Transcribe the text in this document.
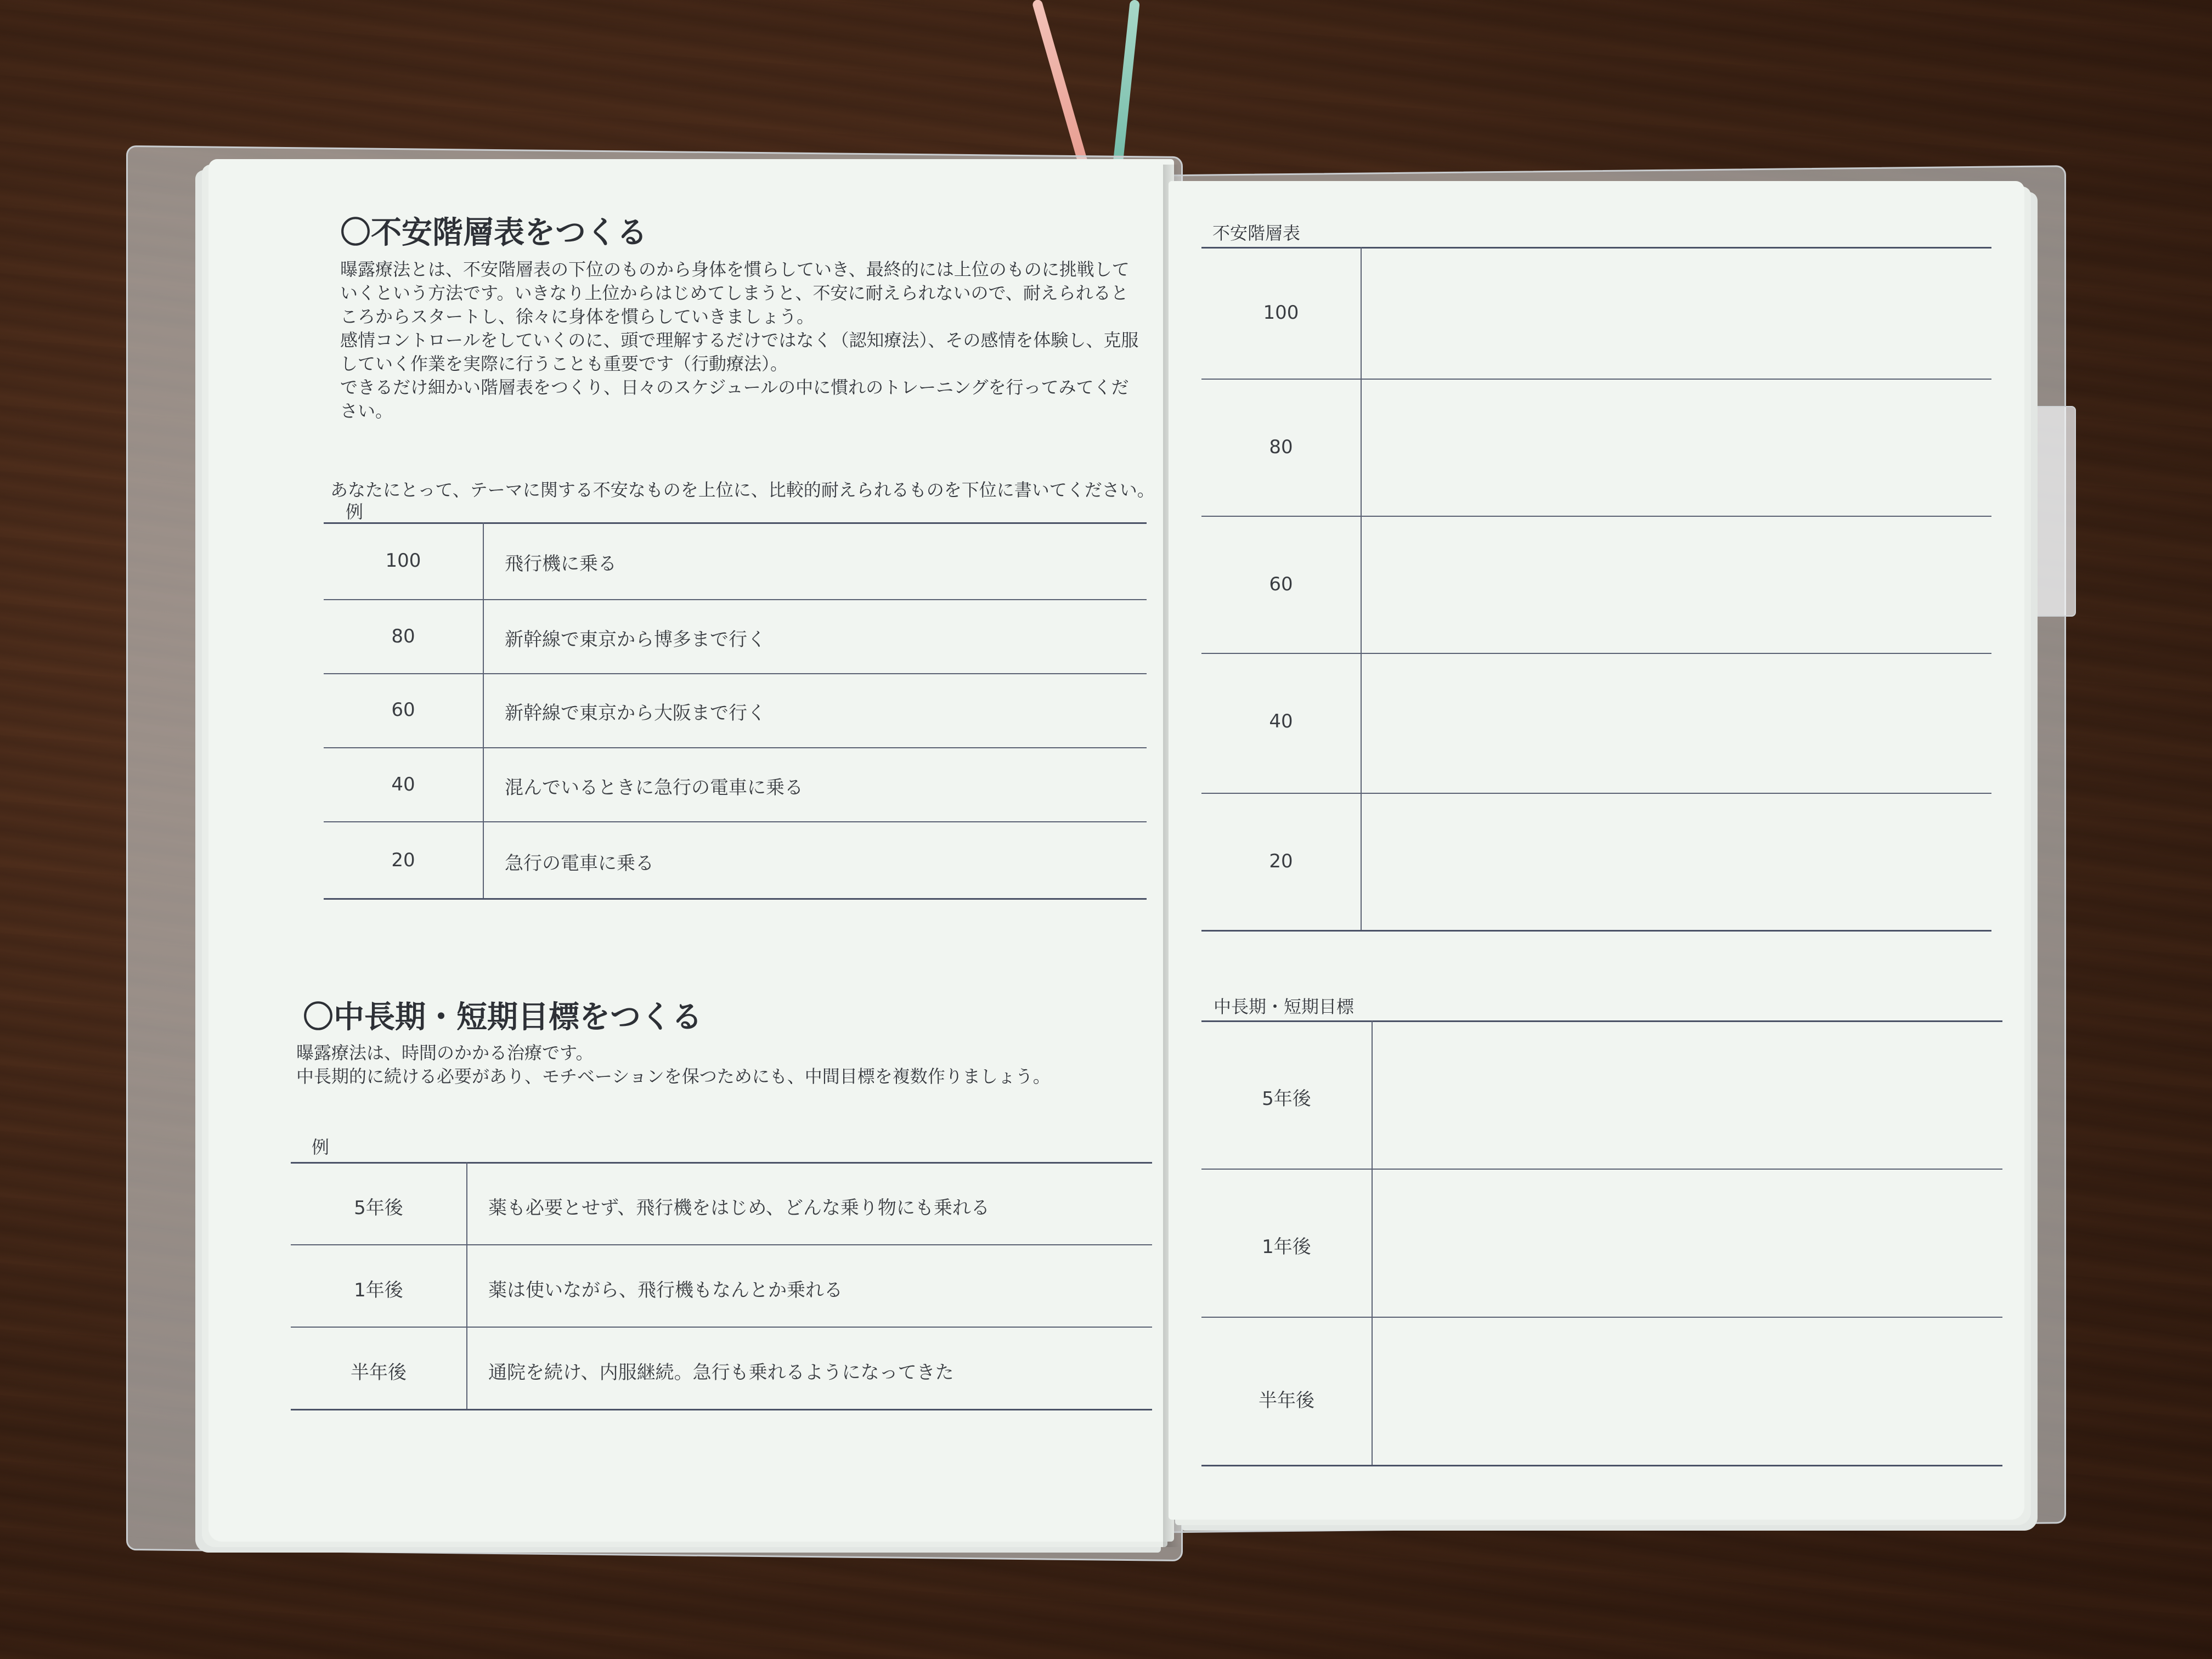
〇不安階層表をつくる
曝露療法とは、不安階層表の下位のものから身体を慣らしていき、最終的には上位のものに挑戦して
いくという方法です。いきなり上位からはじめてしまうと、不安に耐えられないので、耐えられると
ころからスタートし、徐々に身体を慣らしていきましょう。
感情コントロールをしていくのに、頭で理解するだけではなく（認知療法）、その感情を体験し、克服
していく作業を実際に行うことも重要です（行動療法）。
できるだけ細かい階層表をつくり、日々のスケジュールの中に慣れのトレーニングを行ってみてくだ
さい。
あなたにとって、テーマに関する不安なものを上位に、比較的耐えられるものを下位に書いてください。
例
100	飛行機に乗る
80	新幹線で東京から博多まで行く
60	新幹線で東京から大阪まで行く
40	混んでいるときに急行の電車に乗る
20	急行の電車に乗る
〇中長期・短期目標をつくる
曝露療法は、時間のかかる治療です。
中長期的に続ける必要があり、モチベーションを保つためにも、中間目標を複数作りましょう。
例
5年後	薬も必要とせず、飛行機をはじめ、どんな乗り物にも乗れる
1年後	薬は使いながら、飛行機もなんとか乗れる
半年後	通院を続け、内服継続。急行も乗れるようになってきた
不安階層表
100
80
60
40
20
中長期・短期目標
5年後
1年後
半年後
